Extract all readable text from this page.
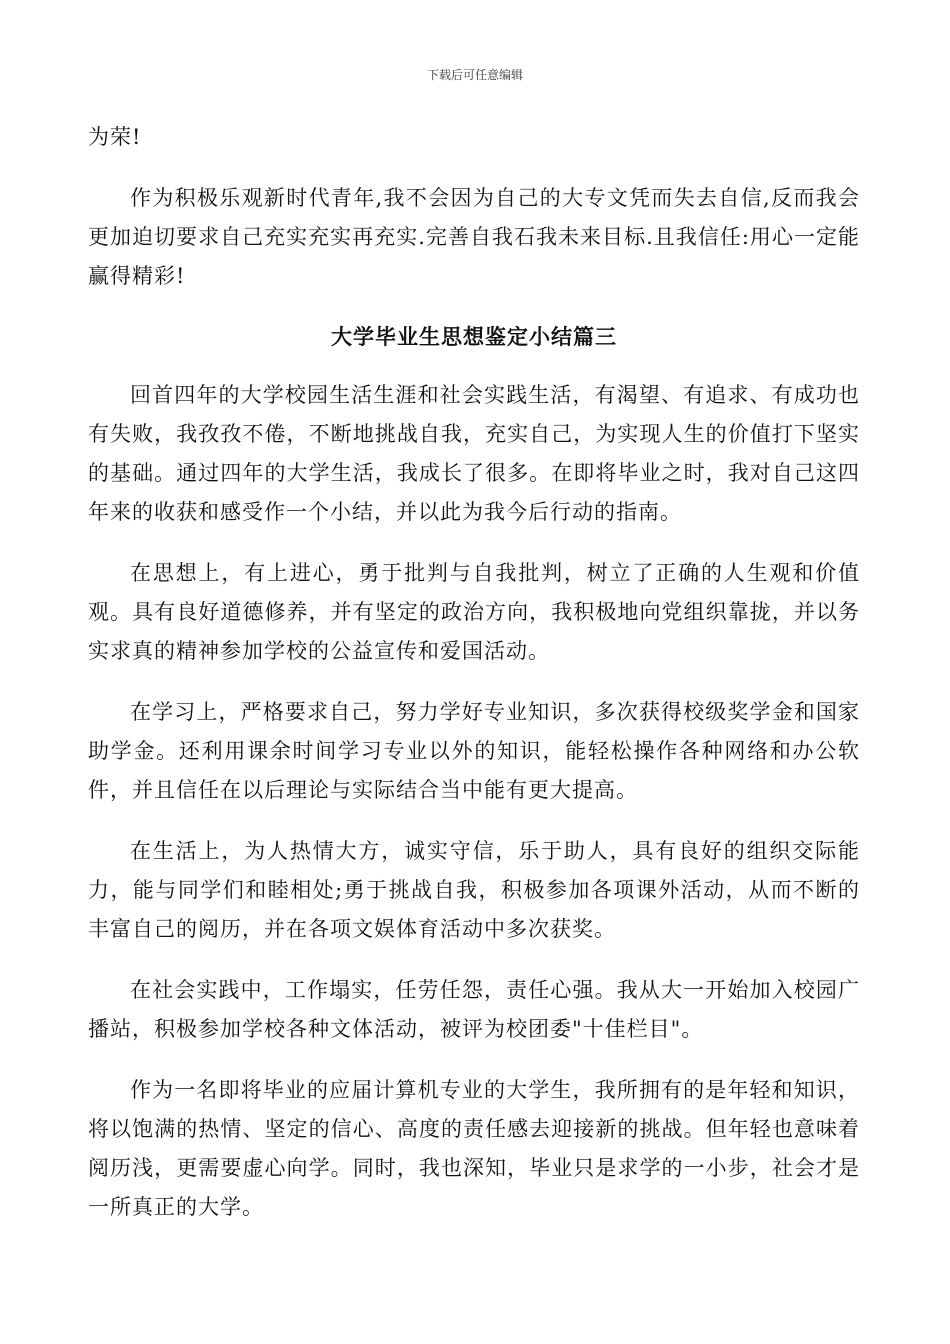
下载后可任意编辑

为荣!

作为积极乐观新时代青年,我不会因为自己的大专文凭而失去自信,反而我会更加迫切要求自己充实充实再充实.完善自我石我未来目标.且我信任:用心一定能赢得精彩!

大学毕业生思想鉴定小结篇三

回首四年的大学校园生活生涯和社会实践生活，有渴望、有追求、有成功也有失败，我孜孜不倦，不断地挑战自我，充实自己，为实现人生的价值打下坚实的基础。通过四年的大学生活，我成长了很多。在即将毕业之时，我对自己这四年来的收获和感受作一个小结，并以此为我今后行动的指南。

在思想上，有上进心，勇于批判与自我批判，树立了正确的人生观和价值观。具有良好道德修养，并有坚定的政治方向，我积极地向党组织靠拢，并以务实求真的精神参加学校的公益宣传和爱国活动。

在学习上，严格要求自己，努力学好专业知识，多次获得校级奖学金和国家助学金。还利用课余时间学习专业以外的知识，能轻松操作各种网络和办公软件，并且信任在以后理论与实际结合当中能有更大提高。

在生活上，为人热情大方，诚实守信，乐于助人，具有良好的组织交际能力，能与同学们和睦相处;勇于挑战自我，积极参加各项课外活动，从而不断的丰富自己的阅历，并在各项文娱体育活动中多次获奖。

在社会实践中，工作塌实，任劳任怨，责任心强。我从大一开始加入校园广播站，积极参加学校各种文体活动，被评为校团委"十佳栏目"。

作为一名即将毕业的应届计算机专业的大学生，我所拥有的是年轻和知识，将以饱满的热情、坚定的信心、高度的责任感去迎接新的挑战。但年轻也意味着阅历浅，更需要虚心向学。同时，我也深知，毕业只是求学的一小步，社会才是一所真正的大学。
